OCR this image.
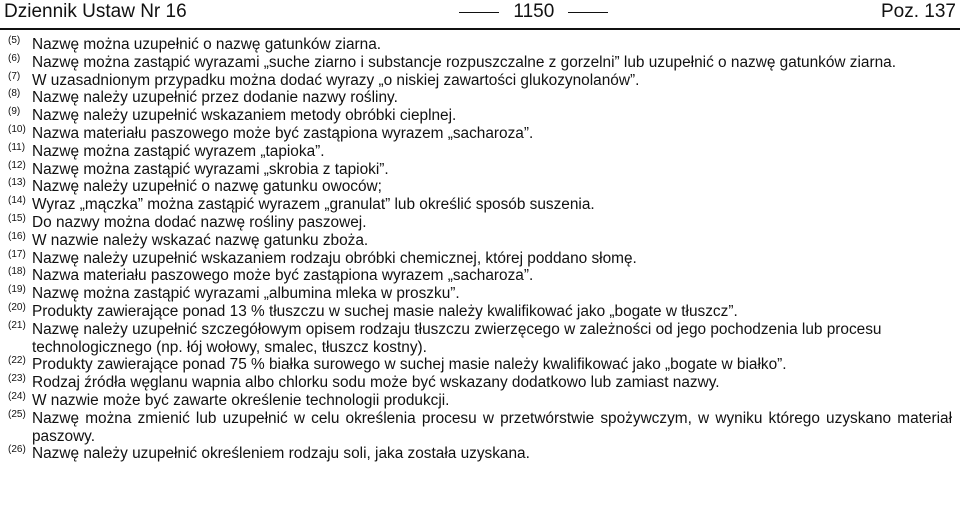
Dziennik Ustaw Nr 16	1150	Poz. 137
(5) Nazwę można uzupełnić o nazwę gatunków ziarna.
(6) Nazwę można zastąpić wyrazami „suche ziarno i substancje rozpuszczalne z gorzelni” lub uzupełnić o nazwę gatunków ziarna.
(7) W uzasadnionym przypadku można dodać wyrazy „o niskiej zawartości glukozynolanów”.
(8) Nazwę należy uzupełnić przez dodanie nazwy rośliny.
(9) Nazwę należy uzupełnić wskazaniem metody obróbki cieplnej.
(10) Nazwa materiału paszowego może być zastąpiona wyrazem „sacharoza”.
(11) Nazwę można zastąpić wyrazem „tapioka”.
(12) Nazwę można zastąpić wyrazami „skrobia z tapioki”.
(13) Nazwę należy uzupełnić o nazwę gatunku owoców;
(14) Wyraz „mączka” można zastąpić wyrazem „granulat” lub określić sposób suszenia.
(15) Do nazwy można dodać nazwę rośliny paszowej.
(16) W nazwie należy wskazać nazwę gatunku zboża.
(17) Nazwę należy uzupełnić wskazaniem rodzaju obróbki chemicznej, której poddano słomę.
(18) Nazwa materiału paszowego może być zastąpiona wyrazem „sacharoza”.
(19) Nazwę można zastąpić wyrazami „albumina mleka w proszku”.
(20) Produkty zawierające ponad 13 % tłuszczu w suchej masie należy kwalifikować jako „bogate w tłuszcz”.
(21) Nazwę należy uzupełnić szczegółowym opisem rodzaju tłuszczu zwierzęcego w zależności od jego pochodzenia lub procesu technologicznego (np. łój wołowy, smalec, tłuszcz kostny).
(22) Produkty zawierające ponad 75 % białka surowego w suchej masie należy kwalifikować jako „bogate w białko”.
(23) Rodzaj źródła węglanu wapnia albo chlorku sodu może być wskazany dodatkowo lub zamiast nazwy.
(24) W nazwie może być zawarte określenie technologii produkcji.
(25) Nazwę można zmienić lub uzupełnić w celu określenia procesu w przetwórstwie spożywczym, w wyniku którego uzyskano materiał paszowy.
(26) Nazwę należy uzupełnić określeniem rodzaju soli, jaka została uzyskana.
